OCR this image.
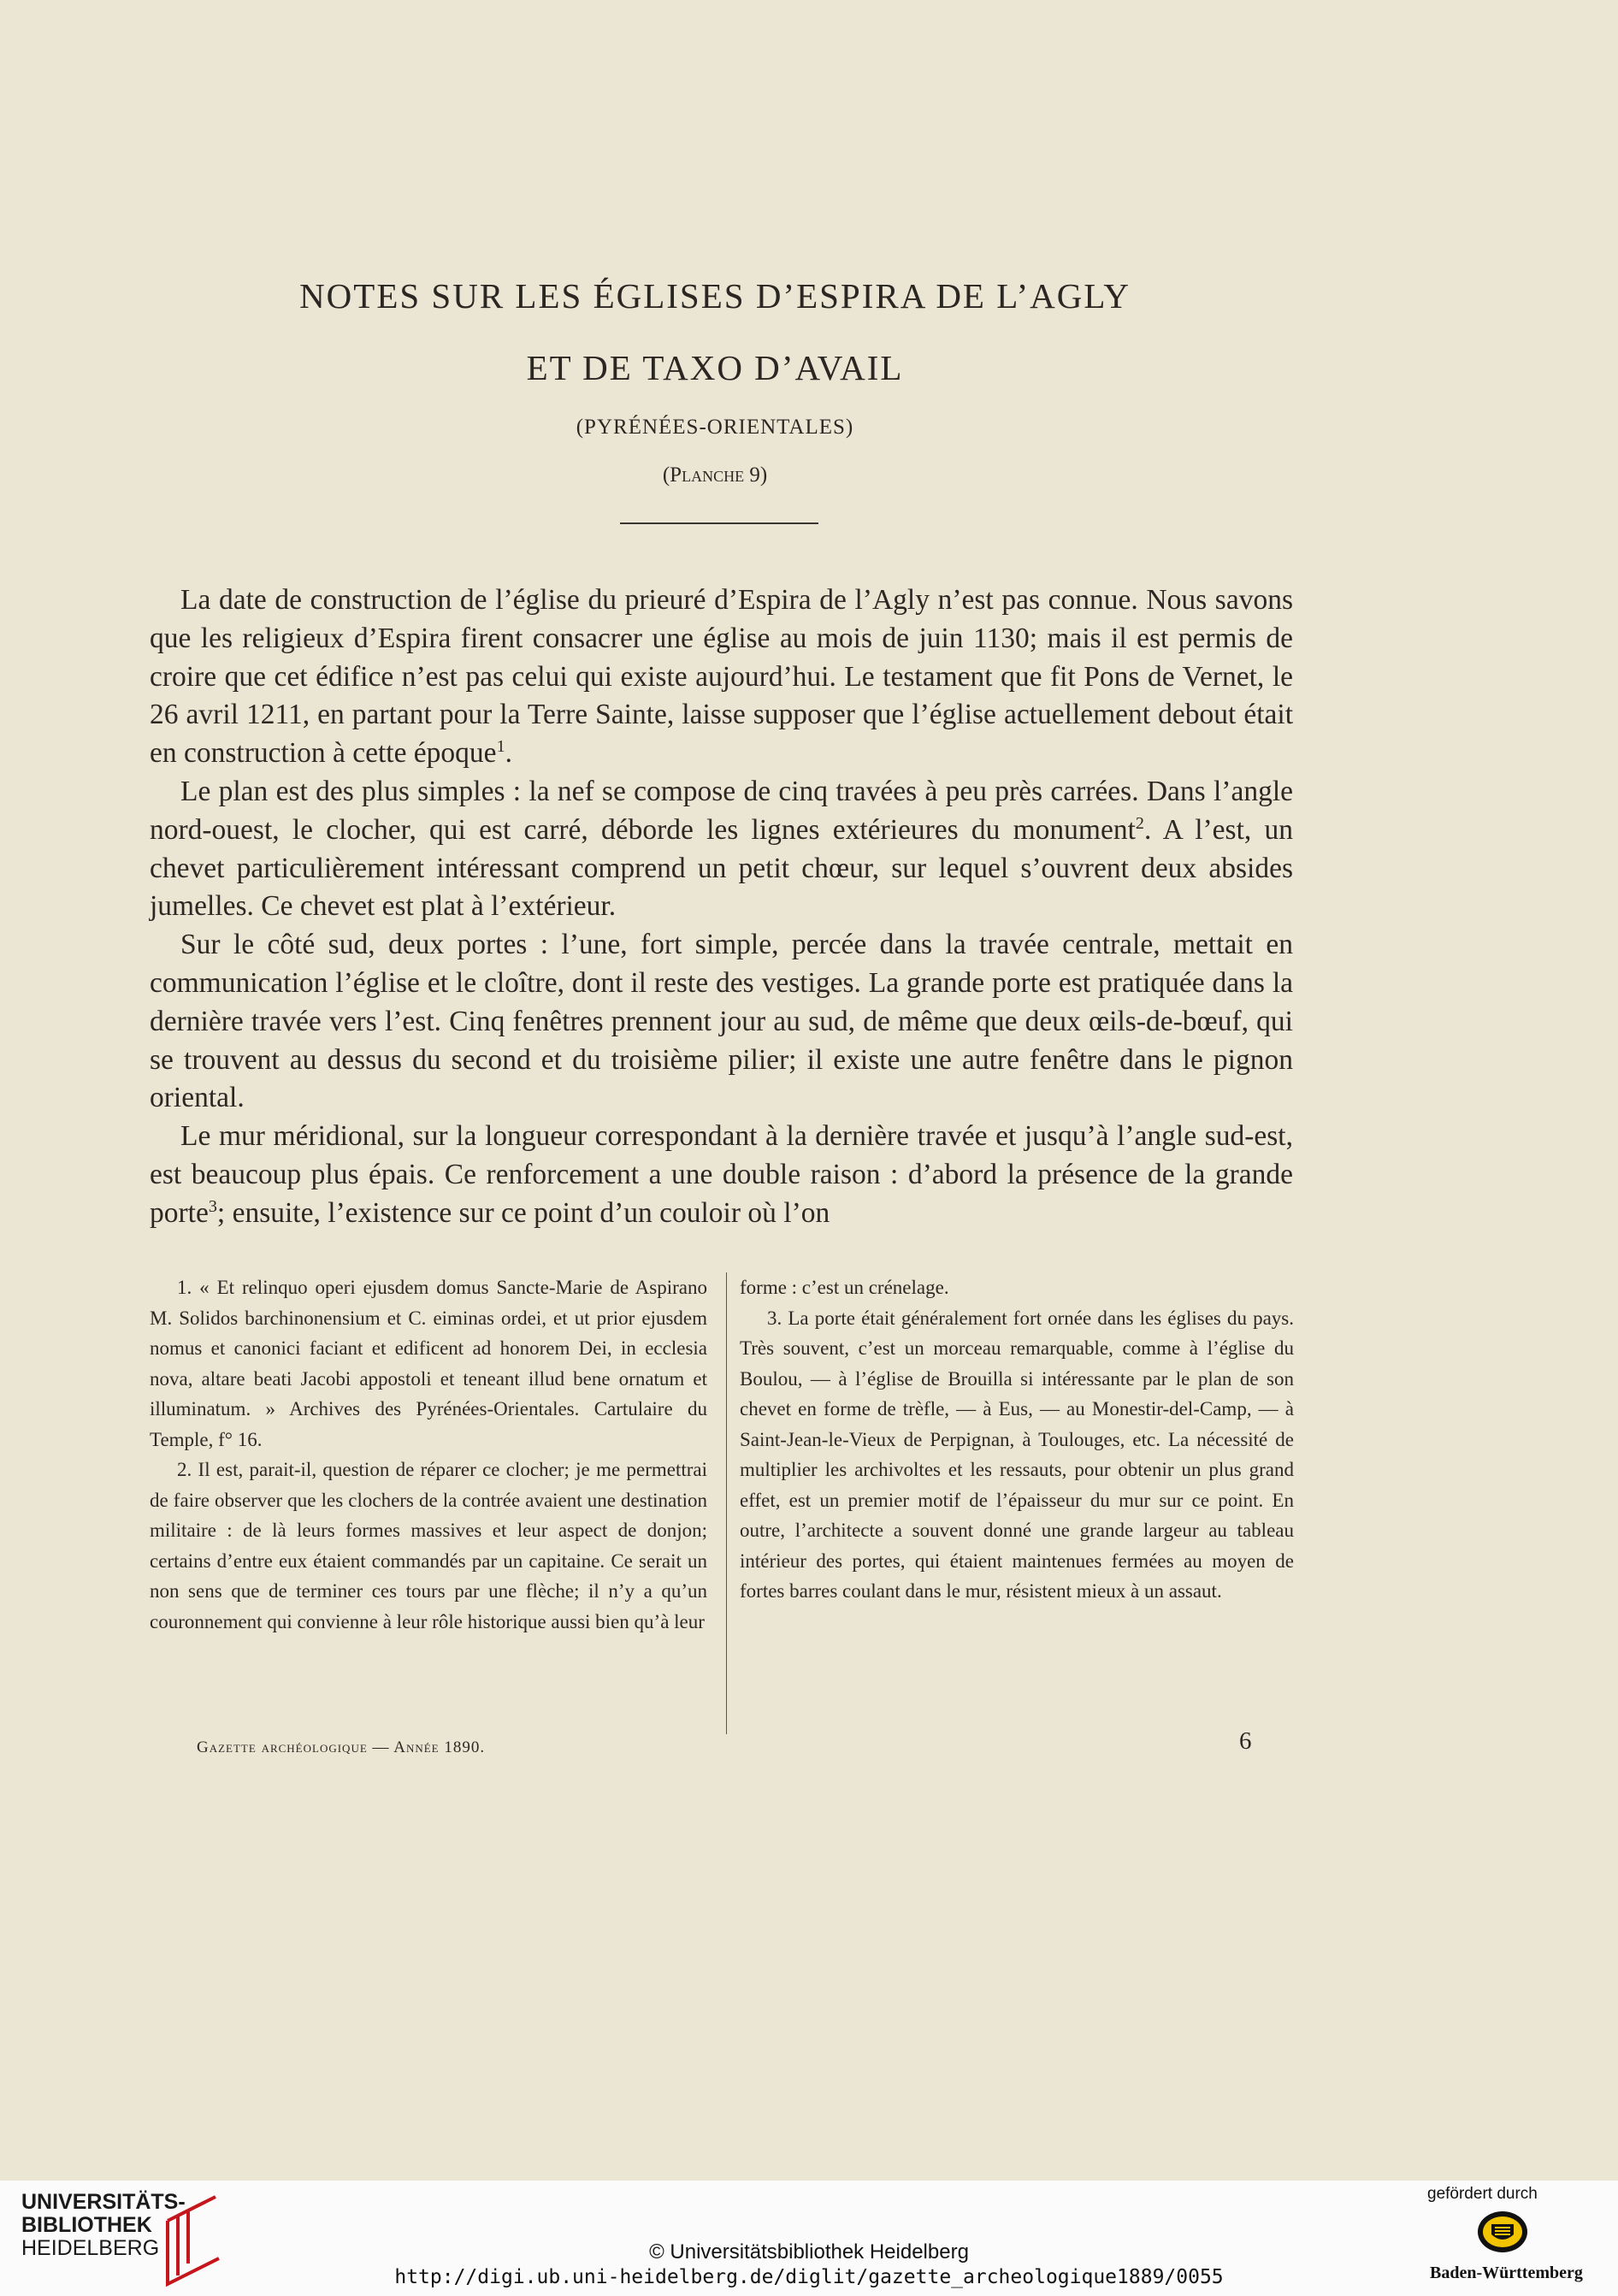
NOTES SUR LES ÉGLISES D’ESPIRA DE L’AGLY
ET DE TAXO D’AVAIL
(PYRÉNÉES-ORIENTALES)
(Planche 9)

La date de construction de l’église du prieuré d’Espira de l’Agly n’est pas connue. Nous savons que les religieux d’Espira firent consacrer une église au mois de juin 1130; mais il est permis de croire que cet édifice n’est pas celui qui existe aujourd’hui. Le testament que fit Pons de Vernet, le 26 avril 1211, en partant pour la Terre Sainte, laisse supposer que l’église actuellement debout était en construction à cette époque$^1$.

Le plan est des plus simples : la nef se compose de cinq travées à peu près carrées. Dans l’angle nord-ouest, le clocher, qui est carré, déborde les lignes extérieures du monument$^2$. A l’est, un chevet particulièrement intéressant comprend un petit chœur, sur lequel s’ouvrent deux absides jumelles. Ce chevet est plat à l’extérieur.

Sur le côté sud, deux portes : l’une, fort simple, percée dans la travée centrale, mettait en communication l’église et le cloître, dont il reste des vestiges. La grande porte est pratiquée dans la dernière travée vers l’est. Cinq fenêtres prennent jour au sud, de même que deux œils-de-bœuf, qui se trouvent au dessus du second et du troisième pilier; il existe une autre fenêtre dans le pignon oriental.

Le mur méridional, sur la longueur correspondant à la dernière travée et jusqu’à l’angle sud-est, est beaucoup plus épais. Ce renforcement a une double raison : d’abord la présence de la grande porte$^3$; ensuite, l’existence sur ce point d’un couloir où l’on

1. « Et relinquo operi ejusdem domus Sancte-Marie de Aspirano M. Solidos barchinonensium et C. eiminas ordei, et ut prior ejusdem nomus et canonici faciant et edificent ad honorem Dei, in ecclesia nova, altare beati Jacobi appostoli et teneant illud bene ornatum et illuminatum. » Archives des Pyrénées-Orientales. Cartulaire du Temple, f° 16.

2. Il est, parait-il, question de réparer ce clocher; je me permettrai de faire observer que les clochers de la contrée avaient une destination militaire : de là leurs formes massives et leur aspect de donjon; certains d’entre eux étaient commandés par un capitaine. Ce serait un non sens que de terminer ces tours par une flèche; il n’y a qu’un couronnement qui convienne à leur rôle historique aussi bien qu’à leur

forme : c’est un crénelage.

3. La porte était généralement fort ornée dans les églises du pays. Très souvent, c’est un morceau remarquable, comme à l’église du Boulou, — à l’église de Brouilla si intéressante par le plan de son chevet en forme de trèfle, — à Eus, — au Monestir-del-Camp, — à Saint-Jean-le-Vieux de Perpignan, à Toulouges, etc. La nécessité de multiplier les archivoltes et les ressauts, pour obtenir un plus grand effet, est un premier motif de l’épaisseur du mur sur ce point. En outre, l’architecte a souvent donné une grande largeur au tableau intérieur des portes, qui étaient maintenues fermées au moyen de fortes barres coulant dans le mur, résistent mieux à un assaut.

Gazette archéologique — Année 1890.	6
UNIVERSITÄTS-
BIBLIOTHEK
HEIDELBERG	© Universitätsbibliothek Heidelberg
http://digi.ub.uni-heidelberg.de/diglit/gazette_archeologique1889/0055
gefördert durch
Baden-Württemberg
